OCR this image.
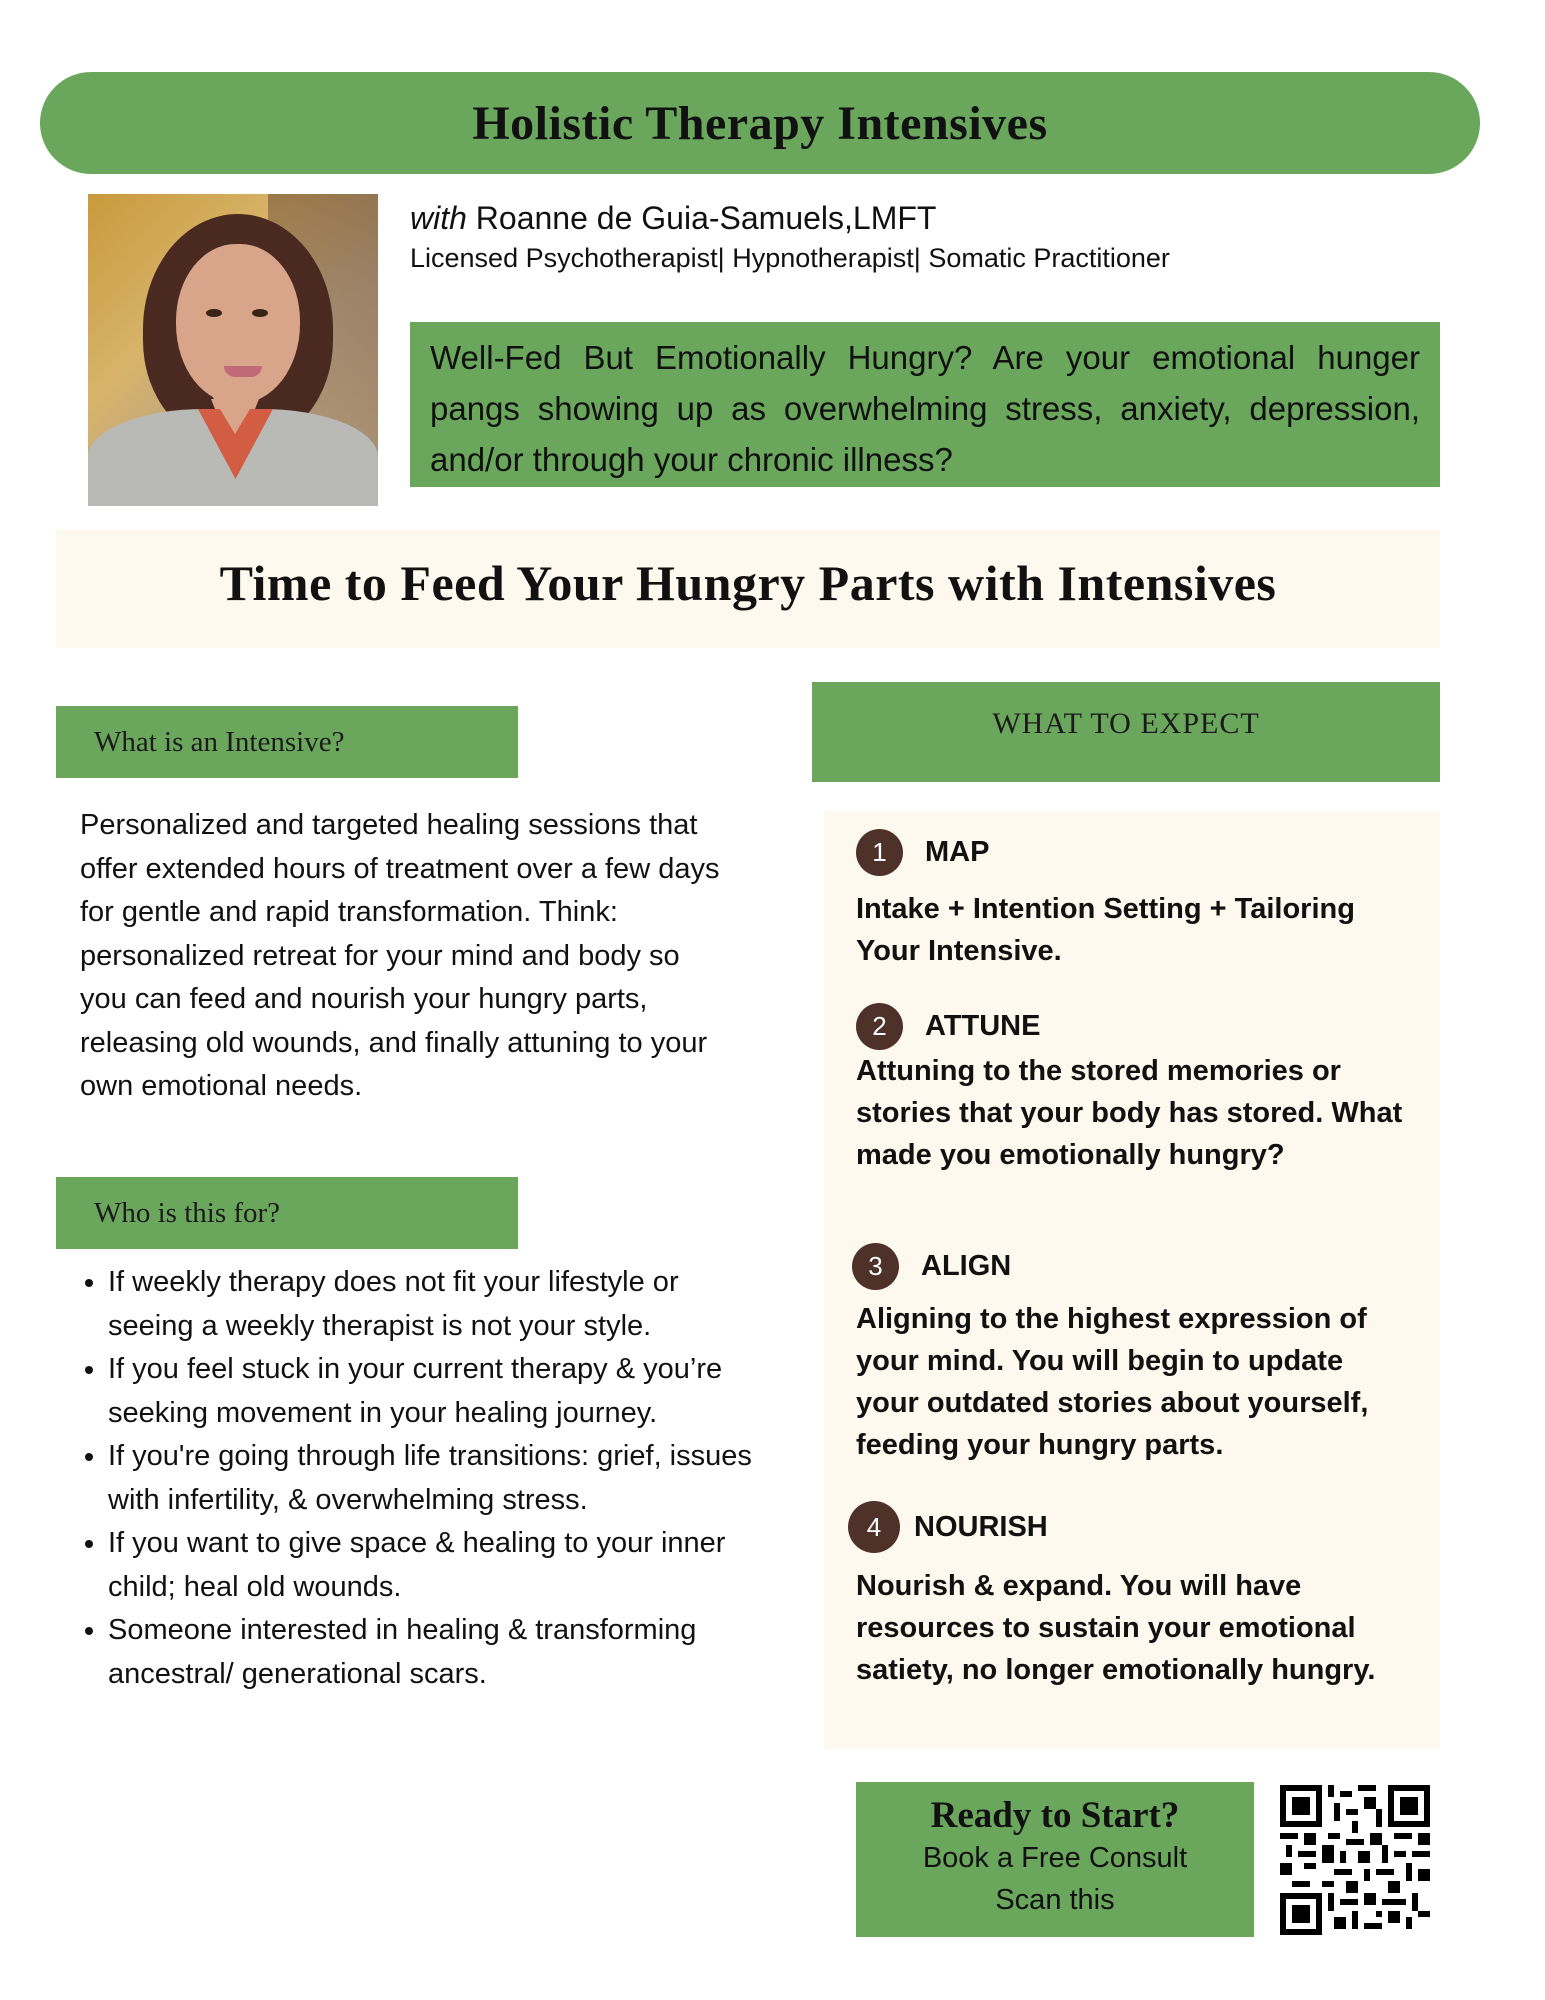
Holistic Therapy Intensives
with Roanne de Guia-Samuels,LMFT
Licensed Psychotherapist| Hypnotherapist| Somatic Practitioner

Well-Fed But Emotionally Hungry? Are your emotional hunger pangs showing up as overwhelming stress, anxiety, depression, and/or through your chronic illness?

Time to Feed Your Hungry Parts with Intensives
What is an Intensive?

Personalized and targeted healing sessions that offer extended hours of treatment over a few days for gentle and rapid transformation. Think: personalized retreat for your mind and body so you can feed and nourish your hungry parts, releasing old wounds, and finally attuning to your own emotional needs.

Who is this for?
• If weekly therapy does not fit your lifestyle or seeing a weekly therapist is not your style.
• If you feel stuck in your current therapy & you’re seeking movement in your healing journey.
• If you're going through life transitions: grief, issues with infertility, & overwhelming stress.
• If you want to give space & healing to your inner child; heal old wounds.
• Someone interested in healing & transforming ancestral/ generational scars.
WHAT TO EXPECT
1	MAP

Intake + Intention Setting + Tailoring Your Intensive.

2	ATTUNE

Attuning to the stored memories or stories that your body has stored. What made you emotionally hungry?

3	ALIGN

Aligning to the highest expression of your mind. You will begin to update your outdated stories about yourself, feeding your hungry parts.

4	NOURISH

Nourish & expand. You will have resources to sustain your emotional satiety, no longer emotionally hungry.

Ready to Start?
Book a Free Consult
Scan this
